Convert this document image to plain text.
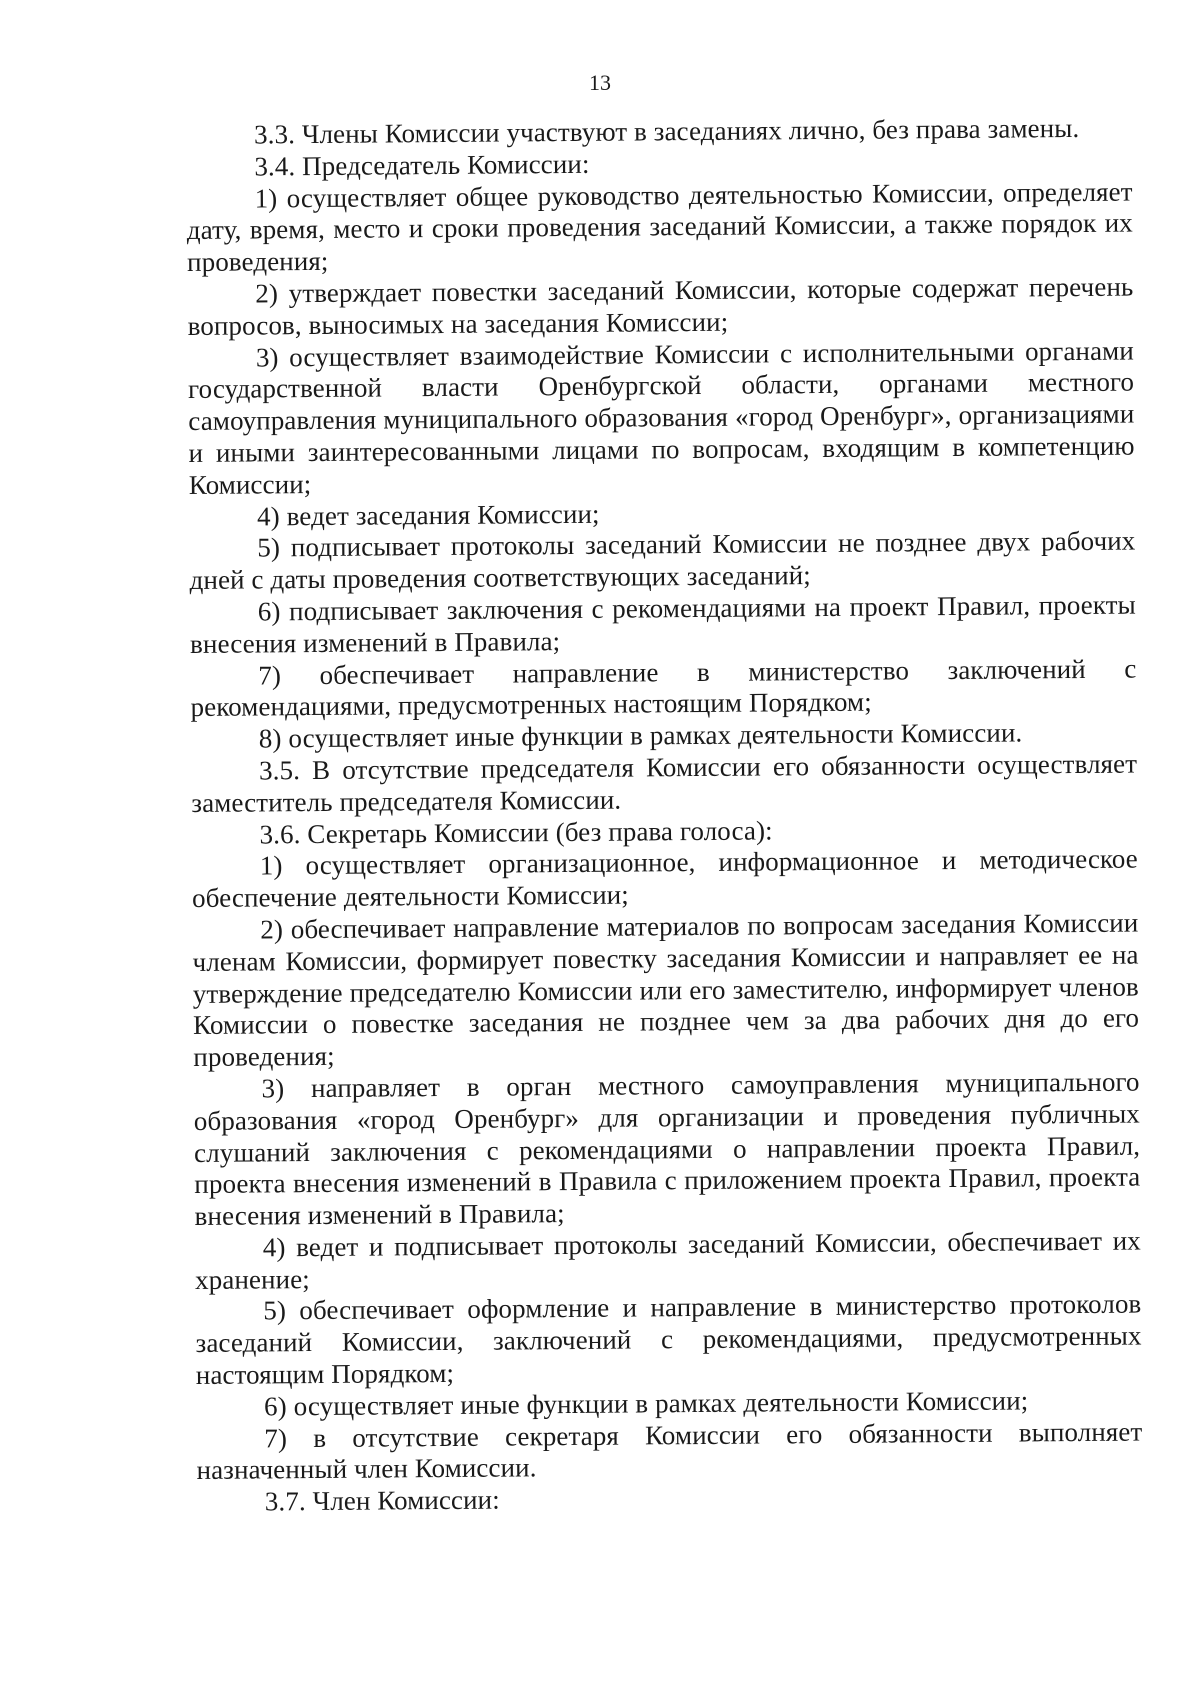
13

3.3. Члены Комиссии участвуют в заседаниях лично, без права замены.

3.4. Председатель Комиссии:

1) осуществляет общее руководство деятельностью Комиссии, определяет дату, время, место и сроки проведения заседаний Комиссии, а также порядок их проведения;

2) утверждает повестки заседаний Комиссии, которые содержат перечень вопросов, выносимых на заседания Комиссии;

3) осуществляет взаимодействие Комиссии с исполнительными органами государственной власти Оренбургской области, органами местного самоуправления муниципального образования «город Оренбург», организациями и иными заинтересованными лицами по вопросам, входящим в компетенцию Комиссии;

4) ведет заседания Комиссии;

5) подписывает протоколы заседаний Комиссии не позднее двух рабочих дней с даты проведения соответствующих заседаний;

6) подписывает заключения с рекомендациями на проект Правил, проекты внесения изменений в Правила;

7) обеспечивает направление в министерство заключений с рекомендациями, предусмотренных настоящим Порядком;

8) осуществляет иные функции в рамках деятельности Комиссии.

3.5. В отсутствие председателя Комиссии его обязанности осуществляет заместитель председателя Комиссии.

3.6. Секретарь Комиссии (без права голоса):

1) осуществляет организационное, информационное и методическое обеспечение деятельности Комиссии;

2) обеспечивает направление материалов по вопросам заседания Комиссии членам Комиссии, формирует повестку заседания Комиссии и направляет ее на утверждение председателю Комиссии или его заместителю, информирует членов Комиссии о повестке заседания не позднее чем за два рабочих дня до его проведения;

3) направляет в орган местного самоуправления муниципального образования «город Оренбург» для организации и проведения публичных слушаний заключения с рекомендациями о направлении проекта Правил, проекта внесения изменений в Правила с приложением проекта Правил, проекта внесения изменений в Правила;

4) ведет и подписывает протоколы заседаний Комиссии, обеспечивает их хранение;

5) обеспечивает оформление и направление в министерство протоколов заседаний Комиссии, заключений с рекомендациями, предусмотренных настоящим Порядком;

6) осуществляет иные функции в рамках деятельности Комиссии;

7) в отсутствие секретаря Комиссии его обязанности выполняет назначенный член Комиссии.

3.7. Член Комиссии:
